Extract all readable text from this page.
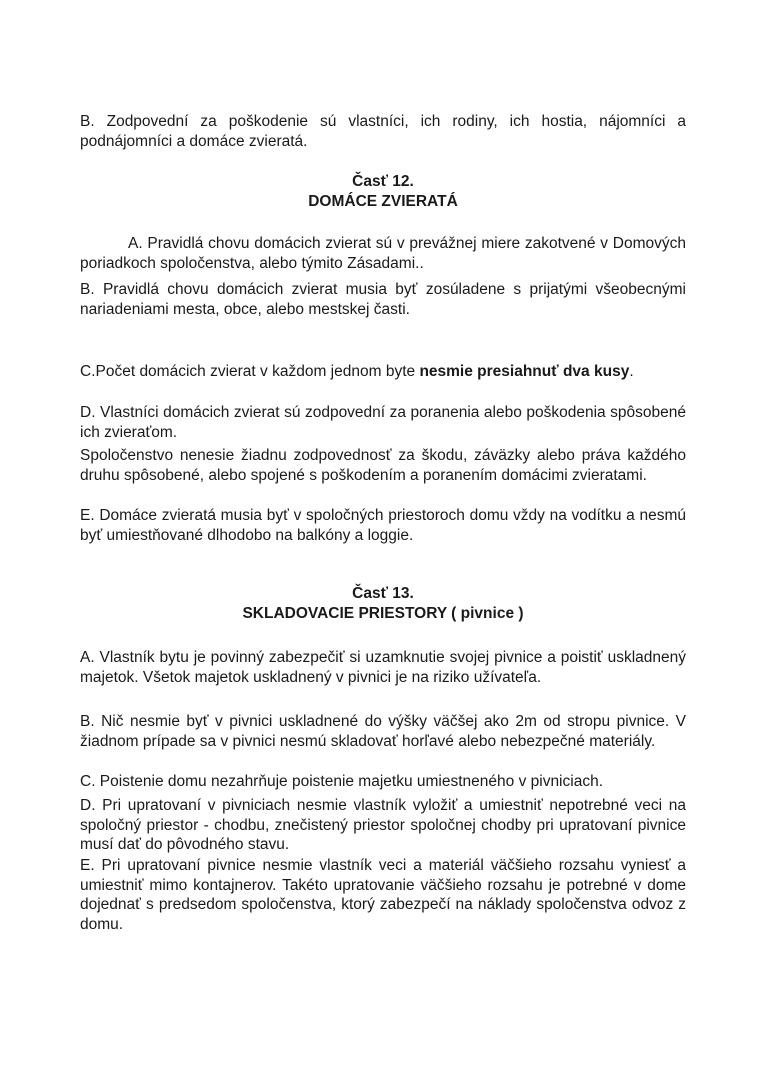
B. Zodpovední za poškodenie sú vlastníci, ich rodiny, ich hostia, nájomníci a podnájomníci a domáce zvieratá.

Časť 12.
DOMÁCE ZVIERATÁ

A. Pravidlá chovu domácich zvierat sú v prevážnej miere zakotvené v Domových poriadkoch spoločenstva, alebo týmito Zásadami..

B. Pravidlá chovu domácich zvierat musia byť zosúladene s prijatými všeobecnými nariadeniami mesta, obce, alebo mestskej časti.

C.Počet domácich zvierat v každom jednom byte nesmie presiahnuť dva kusy.

D. Vlastníci domácich zvierat sú zodpovední za poranenia alebo poškodenia spôsobené ich zvieraťom.

Spoločenstvo nenesie žiadnu zodpovednosť za škodu, záväzky alebo práva každého druhu spôsobené, alebo spojené s poškodením a poranením domácimi zvieratami.

E. Domáce zvieratá musia byť v spoločných priestoroch domu vždy na vodítku a nesmú byť umiestňované dlhodobo na balkóny a loggie.

Časť 13.
SKLADOVACIE PRIESTORY ( pivnice )

A. Vlastník bytu je povinný zabezpečiť si uzamknutie svojej pivnice a poistiť uskladnený majetok. Všetok majetok uskladnený v pivnici je na riziko užívateľa.

B. Nič nesmie byť v pivnici uskladnené do výšky väčšej ako 2m od stropu pivnice. V žiadnom prípade sa v pivnici nesmú skladovať horľavé alebo nebezpečné materiály.

C. Poistenie domu nezahrňuje poistenie majetku umiestneného v pivniciach.

D. Pri upratovaní v pivniciach nesmie vlastník vyložiť a umiestniť nepotrebné veci na spoločný priestor - chodbu, znečistený priestor spoločnej chodby pri upratovaní pivnice musí dať do pôvodného stavu.

E. Pri upratovaní pivnice nesmie vlastník veci a materiál väčšieho rozsahu vyniesť a umiestniť mimo kontajnerov. Takéto upratovanie väčšieho rozsahu je potrebné v dome dojednať s predsedom spoločenstva, ktorý zabezpečí na náklady spoločenstva odvoz z domu.
